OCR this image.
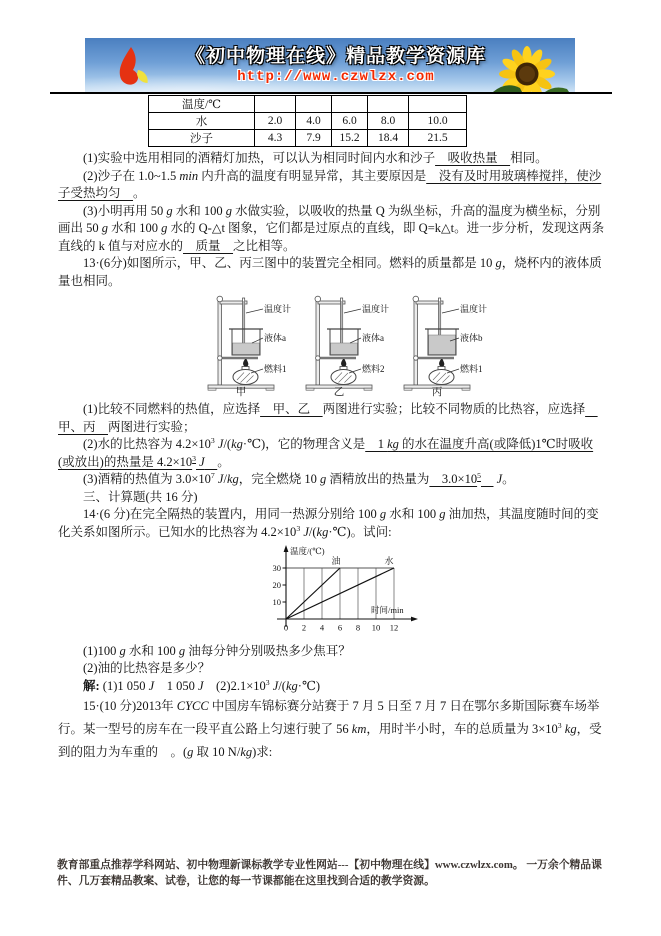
《初中物理在线》精品教学资源库
http://www.czwlzx.com
温度/℃					
水	2.0	4.0	6.0	8.0	10.0
沙子	4.3	7.9	15.2	18.4	21.5

(1)实验中选用相同的酒精灯加热，可以认为相同时间内水和沙子　吸收热量　相同。

(2)沙子在 1.0~1.5 min 内升高的温度有明显异常，其主要原因是　没有及时用玻璃棒搅拌，使沙子受热均匀　。

(3)小明再用 50 g 水和 100 g 水做实验，以吸收的热量 Q 为纵坐标，升高的温度为横坐标，分别画出 50 g 水和 100 g 水的 Q-△t 图象，它们都是过原点的直线，即 Q=k△t。进一步分析，发现这两条直线的 k 值与对应水的　质量　之比相等。

13·(6分)如图所示，甲、乙、丙三图中的装置完全相同。燃料的质量都是 10 g，烧杯内的液体质量也相同。

温度计
液体a
燃料1
甲
温度计
液体a
燃料2
乙
温度计
液体b
燃料1
丙

(1)比较不同燃料的热值，应选择　甲、乙　两图进行实验；比较不同物质的比热容，应选择　甲、丙　两图进行实验；

(2)水的比热容为 $4.2\times 10^3$ J/(kg·℃)，它的物理含义是　1 kg 的水在温度升高(或降低)1℃时吸收(或放出)的热量是 $4.2\times 10^3$ J　 。

(3)酒精的热值为 $3.0\times 10^7$ J/kg，完全燃烧 10 g 酒精放出的热量为　$3.0\times 10^5$　 J。

三、计算题(共 16 分)

14·(6 分)在完全隔热的装置内，用同一热源分别给 100 g 水和 100 g 油加热，其温度随时间的变化关系如图所示。已知水的比热容为 $4.2\times 10^3$ J/(kg·℃)。试问:

温度/(℃)
时间/min
油	水
10
20
30
0 2 4 6 8 10 12

(1)100 g 水和 100 g 油每分钟分别吸热多少焦耳？

(2)油的比热容是多少？

解: (1)1 050 J　1 050 J　$(2)2.1\times 10^3$ J/(kg·℃)

15·(10 分)2013年 CYCC 中国房车锦标赛分站赛于 7 月 5 日至 7 月 7 日在鄂尔多斯国际赛车场举行。某一型号的房车在一段平直公路上匀速行驶了 56 km，用时半小时，车的总质量为 $3\times 10^3$ kg，受到的阻力为车重的　。(g 取 10 N/kg)求:

教育部重点推荐学科网站、初中物理新课标教学专业性网站---【初中物理在线】www.czwlzx.com。 一万余个精品课件、几万套精品教案、试卷，让您的每一节课都能在这里找到合适的教学资源。
